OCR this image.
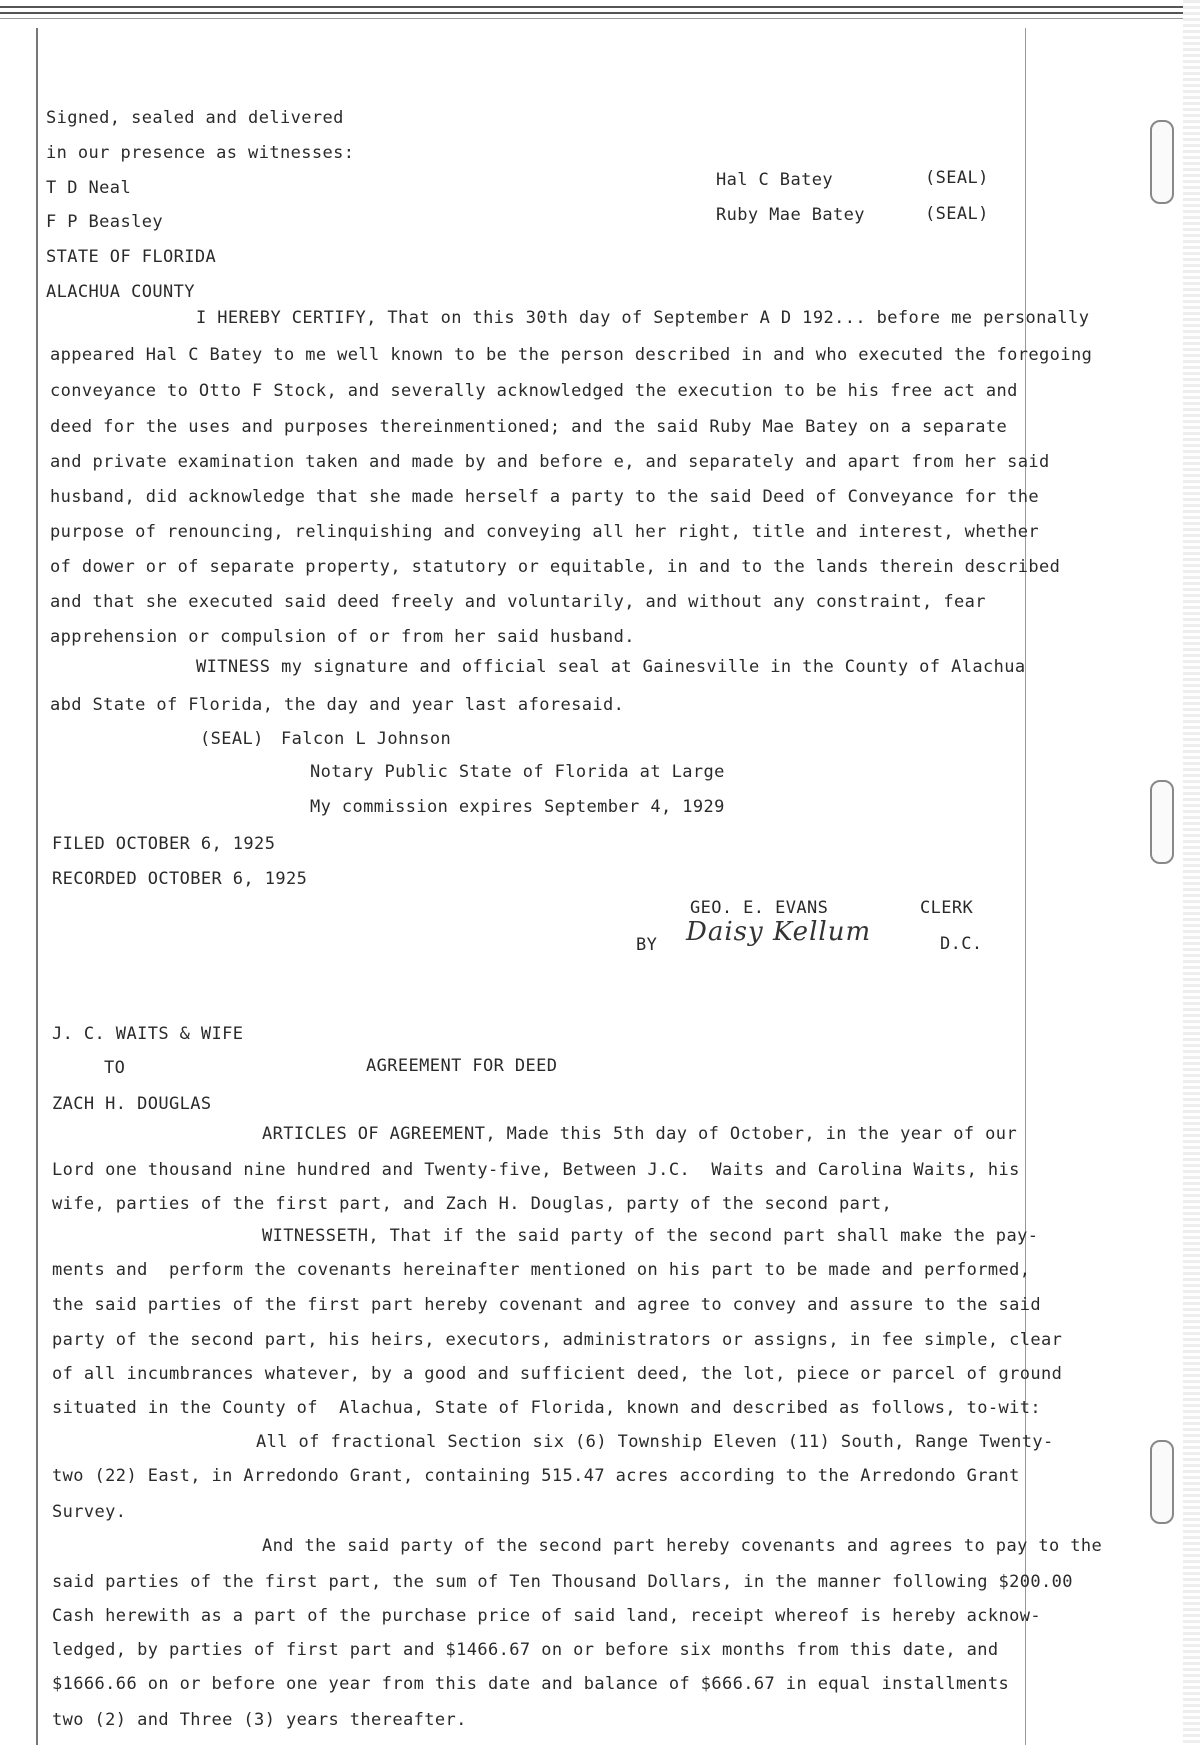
Signed, sealed and delivered
in our presence as witnesses:
T D Neal
F P Beasley
Hal C Batey	(SEAL)
Ruby Mae Batey	(SEAL)
STATE OF FLORIDA
ALACHUA COUNTY
I HEREBY CERTIFY, That on this 30th day of September A D 192... before me personally
appeared Hal C Batey to me well known to be the person described in and who executed the foregoing
conveyance to Otto F Stock, and severally acknowledged the execution to be his free act and
deed for the uses and purposes thereinmentioned; and the said Ruby Mae Batey on a separate
and private examination taken and made by and before e, and separately and apart from her said
husband, did acknowledge that she made herself a party to the said Deed of Conveyance for the
purpose of renouncing, relinquishing and conveying all her right, title and interest, whether
of dower or of separate property, statutory or equitable, in and to the lands therein described
and that she executed said deed freely and voluntarily, and without any constraint, fear
apprehension or compulsion of or from her said husband.
WITNESS my signature and official seal at Gainesville in the County of Alachua
abd State of Florida, the day and year last aforesaid.
(SEAL) Falcon L Johnson
Notary Public State of Florida at Large
My commission expires September 4, 1929
FILED OCTOBER 6, 1925
RECORDED OCTOBER 6, 1925
GEO. E. EVANS	CLERK
BY Daisy Kellum	D.C.
J. C. WAITS & WIFE
TO	AGREEMENT FOR DEED
ZACH H. DOUGLAS
ARTICLES OF AGREEMENT, Made this 5th day of October, in the year of our
Lord one thousand nine hundred and Twenty-five, Between J.C.  Waits and Carolina Waits, his
wife, parties of the first part, and Zach H. Douglas, party of the second part,
WITNESSETH, That if the said party of the second part shall make the pay-
ments and  perform the covenants hereinafter mentioned on his part to be made and performed,
the said parties of the first part hereby covenant and agree to convey and assure to the said
party of the second part, his heirs, executors, administrators or assigns, in fee simple, clear
of all incumbrances whatever, by a good and sufficient deed, the lot, piece or parcel of ground
situated in the County of  Alachua, State of Florida, known and described as follows, to-wit:
All of fractional Section six (6) Township Eleven (11) South, Range Twenty-
two (22) East, in Arredondo Grant, containing 515.47 acres according to the Arredondo Grant
Survey.
And the said party of the second part hereby covenants and agrees to pay to the
said parties of the first part, the sum of Ten Thousand Dollars, in the manner following $200.00
Cash herewith as a part of the purchase price of said land, receipt whereof is hereby acknow-
ledged, by parties of first part and $1466.67 on or before six months from this date, and
$1666.66 on or before one year from this date and balance of $666.67 in equal installments
two (2) and Three (3) years thereafter.
